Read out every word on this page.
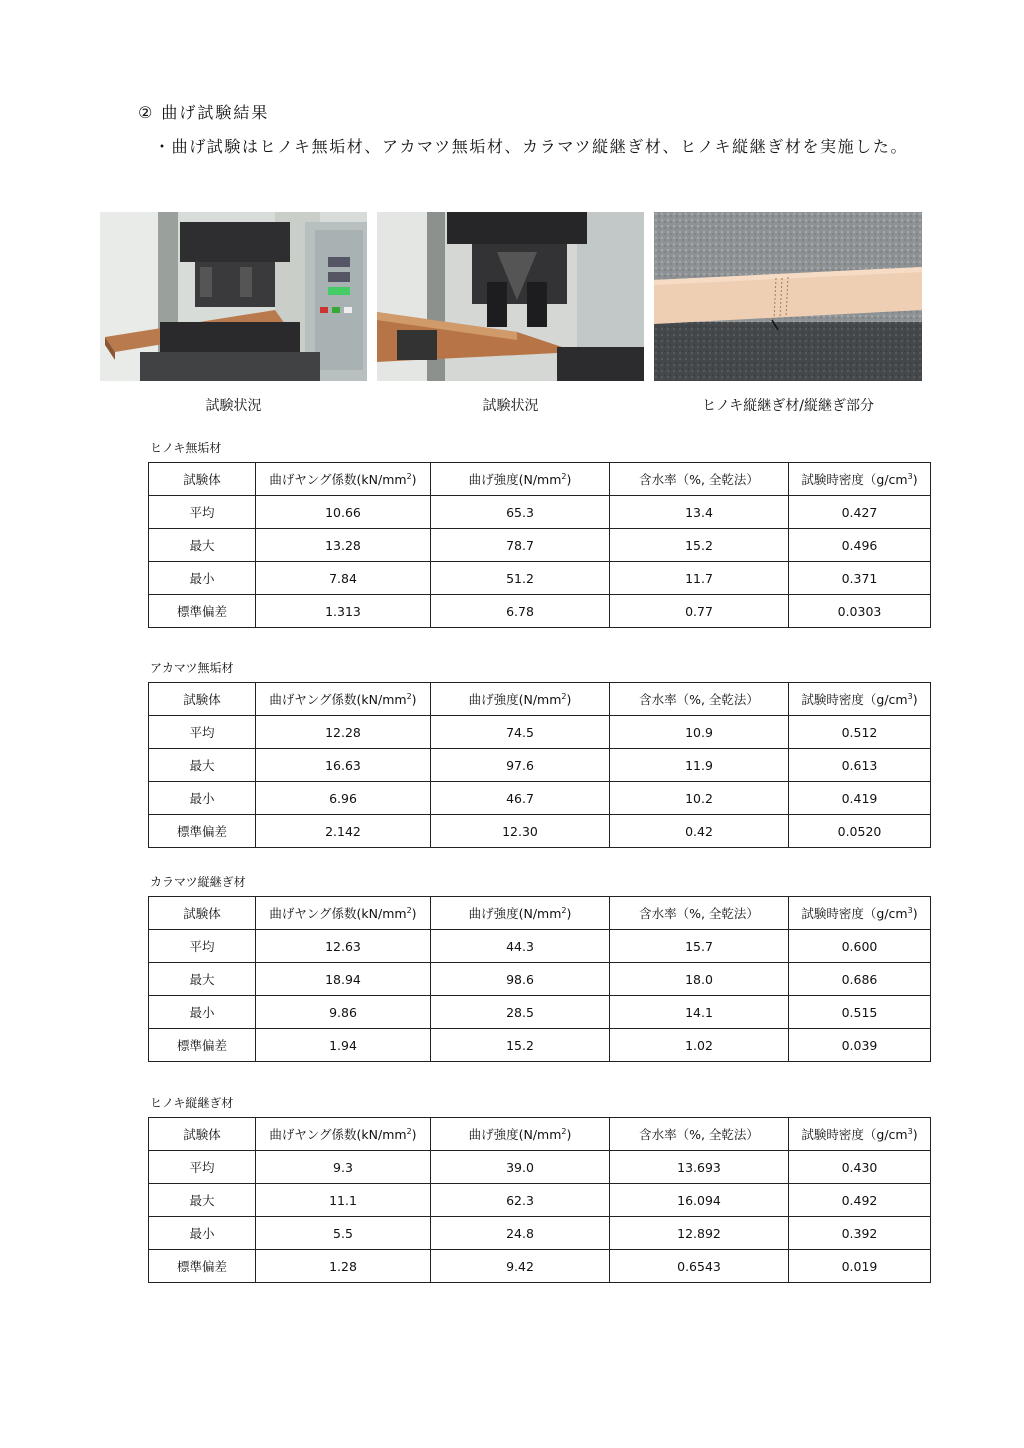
② 曲げ試験結果
・曲げ試験はヒノキ無垢材、アカマツ無垢材、カラマツ縦継ぎ材、ヒノキ縦継ぎ材を実施した。
試験状況	試験状況	ヒノキ縦継ぎ材/縦継ぎ部分
ヒノキ無垢材
試験体	曲げヤング係数$(kN/mm^2)$	曲げ強度$(N/mm^2)$	含水率（%, 全乾法）	試験時密度$(g/cm^3)$
平均	10.66	65.3	13.4	0.427
最大	13.28	78.7	15.2	0.496
最小	7.84	51.2	11.7	0.371
標準偏差	1.313	6.78	0.77	0.0303
アカマツ無垢材
試験体	曲げヤング係数$(kN/mm^2)$	曲げ強度$(N/mm^2)$	含水率（%, 全乾法）	試験時密度$(g/cm^3)$
平均	12.28	74.5	10.9	0.512
最大	16.63	97.6	11.9	0.613
最小	6.96	46.7	10.2	0.419
標準偏差	2.142	12.30	0.42	0.0520
カラマツ縦継ぎ材
試験体	曲げヤング係数$(kN/mm^2)$	曲げ強度$(N/mm^2)$	含水率（%, 全乾法）	試験時密度$(g/cm^3)$
平均	12.63	44.3	15.7	0.600
最大	18.94	98.6	18.0	0.686
最小	9.86	28.5	14.1	0.515
標準偏差	1.94	15.2	1.02	0.039
ヒノキ縦継ぎ材
試験体	曲げヤング係数$(kN/mm^2)$	曲げ強度$(N/mm^2)$	含水率（%, 全乾法）	試験時密度$(g/cm^3)$
平均	9.3	39.0	13.693	0.430
最大	11.1	62.3	16.094	0.492
最小	5.5	24.8	12.892	0.392
標準偏差	1.28	9.42	0.6543	0.019
